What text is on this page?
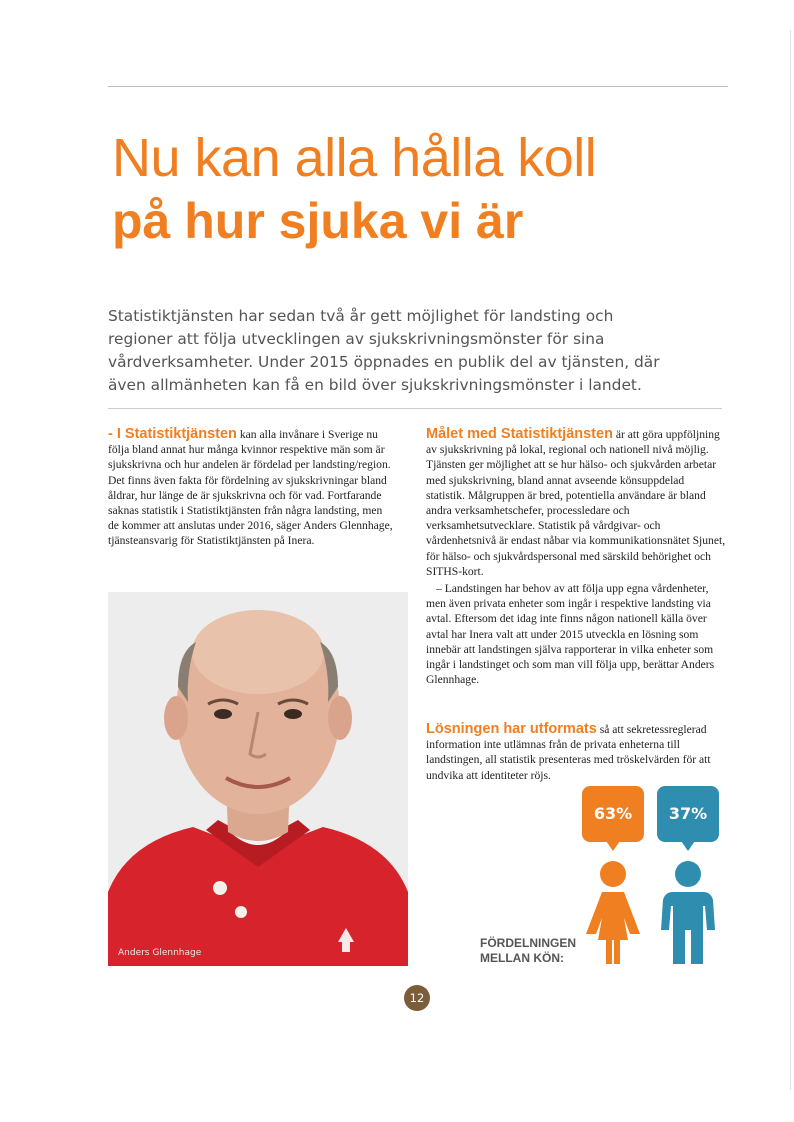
Nu kan alla hålla koll
på hur sjuka vi är

Statistiktjänsten har sedan två år gett möjlighet för landsting och regioner att följa utvecklingen av sjukskrivningsmönster för sina vårdverksamheter. Under 2015 öppnades en publik del av tjänsten, där även allmänheten kan få en bild över sjukskrivningsmönster i landet.

- I Statistiktjänsten kan alla invånare i Sverige nu följa bland annat hur många kvinnor respektive män som är sjukskrivna och hur andelen är fördelad per landsting/region. Det finns även fakta för fördelning av sjukskrivningar bland åldrar, hur länge de är sjukskrivna och för vad. Fortfarande saknas statistik i Statistiktjänsten från några landsting, men de kommer att anslutas under 2016, säger Anders Glennhage, tjänsteansvarig för Statistiktjänsten på Inera.

Målet med Statistiktjänsten är att göra uppföljning av sjukskrivning på lokal, regional och nationell nivå möjlig. Tjänsten ger möjlighet att se hur hälso- och sjukvården arbetar med sjukskrivning, bland annat avseende könsuppdelad statistik. Målgruppen är bred, potentiella användare är bland andra verksamhetschefer, processledare och verksamhetsutvecklare. Statistik på vårdgivar- och vårdenhetsnivå är endast nåbar via kommunikationsnätet Sjunet, för hälso- och sjukvårdspersonal med särskild behörighet och SITHS-kort.

– Landstingen har behov av att följa upp egna vårdenheter, men även privata enheter som ingår i respektive landsting via avtal. Eftersom det idag inte finns någon nationell källa över avtal har Inera valt att under 2015 utveckla en lösning som innebär att landstingen själva rapporterar in vilka enheter som ingår i landstinget och som man vill följa upp, berättar Anders Glennhage.

Lösningen har utformats så att sekretessreglerad information inte utlämnas från de privata enheterna till landstingen, all statistik presenteras med tröskelvärden för att undvika att identiteter röjs.

Anders Glennhage
63%	37%
FÖRDELNINGEN MELLAN KÖN:
12
